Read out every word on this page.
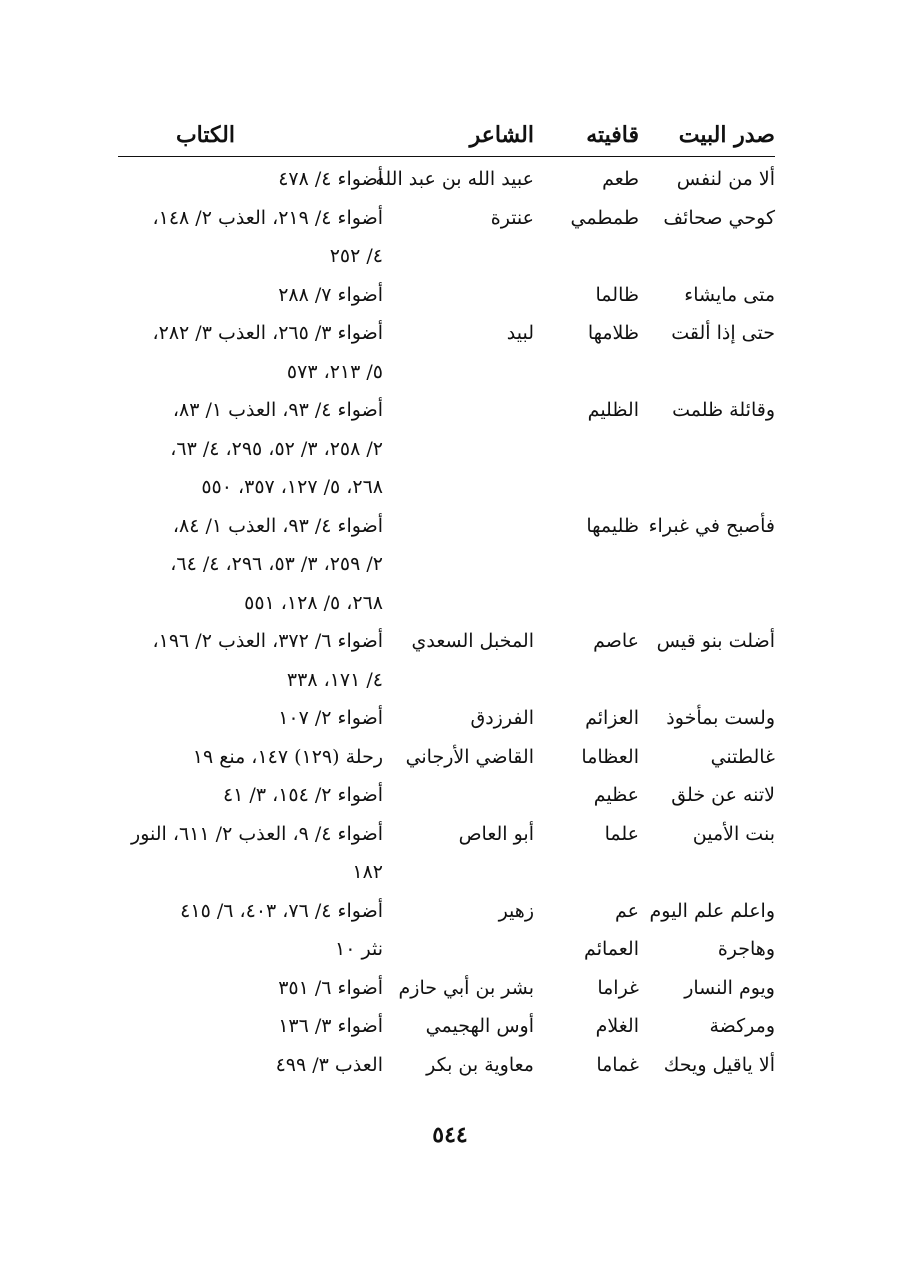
صدر البيت
قافيته
الشاعر
الكتاب
ألا من لنفس
طعم
عبيد الله بن عبد الله
أضواء ٤/ ٤٧٨
كوحي صحائف
طمطمي
عنترة
أضواء ٤/ ٢١٩، العذب ٢/ ١٤٨،
٤/ ٢٥٢
متى مايشاء
ظالما
أضواء ٧/ ٢٨٨
حتى إذا ألقت
ظلامها
لبيد
أضواء ٣/ ٢٦٥، العذب ٣/ ٢٨٢،
٥/ ٢١٣، ٥٧٣
وقائلة ظلمت
الظليم
أضواء ٤/ ٩٣، العذب ١/ ٨٣،
٢/ ٢٥٨، ٣/ ٥٢، ٢٩٥، ٤/ ٦٣،
٢٦٨، ٥/ ١٢٧، ٣٥٧، ٥٥٠
فأصبح في غبراء
ظليمها
أضواء ٤/ ٩٣، العذب ١/ ٨٤،
٢/ ٢٥٩، ٣/ ٥٣، ٢٩٦، ٤/ ٦٤،
٢٦٨، ٥/ ١٢٨، ٥٥١
أضلت بنو قيس
عاصم
المخبل السعدي
أضواء ٦/ ٣٧٢، العذب ٢/ ١٩٦،
٤/ ١٧١، ٣٣٨
ولست بمأخوذ
العزائم
الفرزدق
أضواء ٢/ ١٠٧
غالطتني
العظاما
القاضي الأرجاني
رحلة (١٢٩) ١٤٧، منع ١٩
لاتنه عن خلق
عظيم
أضواء ٢/ ١٥٤، ٣/ ٤١
بنت الأمين
علما
أبو العاص
أضواء ٤/ ٩، العذب ٢/ ٦١١، النور
١٨٢
واعلم علم اليوم
عم
زهير
أضواء ٤/ ٧٦، ٤٠٣، ٦/ ٤١٥
وهاجرة
العمائم
نثر ١٠
ويوم النسار
غراما
بشر بن أبي حازم
أضواء ٦/ ٣٥١
ومركضة
الغلام
أوس الهجيمي
أضواء ٣/ ١٣٦
ألا ياقيل ويحك
غماما
معاوية بن بكر
العذب ٣/ ٤٩٩
٥٤٤
